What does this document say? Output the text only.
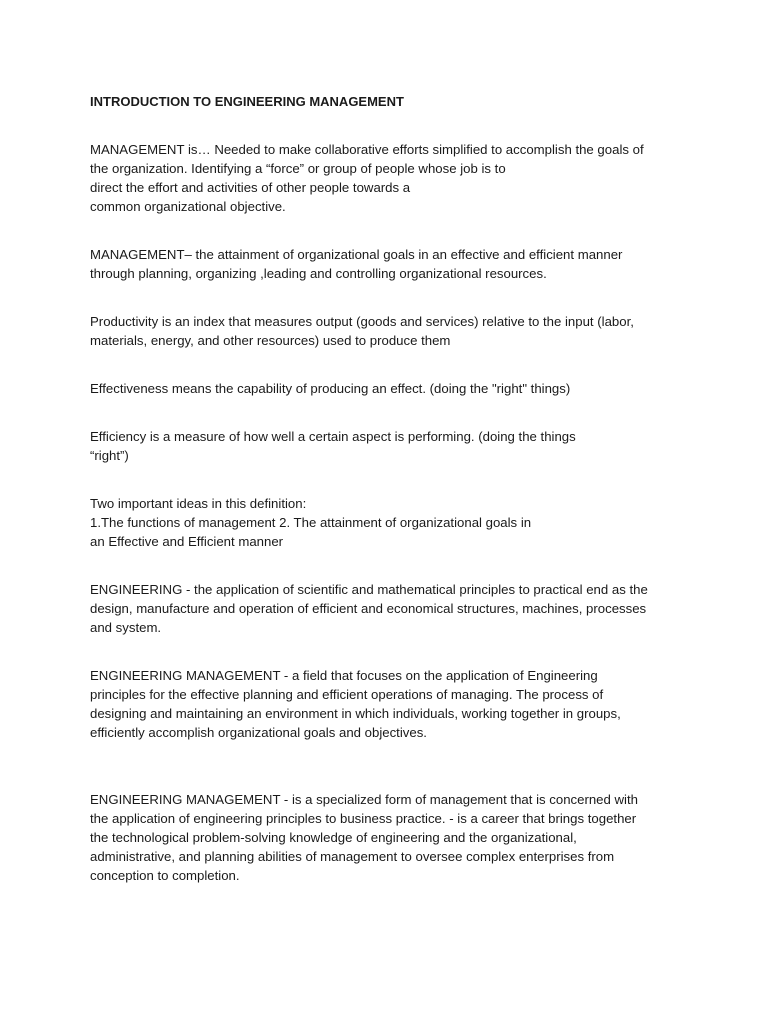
INTRODUCTION TO ENGINEERING MANAGEMENT

MANAGEMENT is… Needed to make collaborative efforts simplified to accomplish the goals of
the organization. Identifying a “force” or group of people whose job is to
direct the effort and activities of other people towards a
common organizational objective.

MANAGEMENT– the attainment of organizational goals in an effective and efficient manner
through planning, organizing ,leading and controlling organizational resources.

Productivity is an index that measures output (goods and services) relative to the input (labor,
materials, energy, and other resources) used to produce them

Effectiveness means the capability of producing an effect. (doing the "right" things)

Efficiency is a measure of how well a certain aspect is performing. (doing the things
“right”)

Two important ideas in this definition:
1.The functions of management 2. The attainment of organizational goals in
an Effective and Efficient manner

ENGINEERING - the application of scientific and mathematical principles to practical end as the
design, manufacture and operation of efficient and economical structures, machines, processes
and system.

ENGINEERING MANAGEMENT - a field that focuses on the application of Engineering
principles for the effective planning and efficient operations of managing. The process of
designing and maintaining an environment in which individuals, working together in groups,
efficiently accomplish organizational goals and objectives.

ENGINEERING MANAGEMENT - is a specialized form of management that is concerned with
the application of engineering principles to business practice. - is a career that brings together
the technological problem-solving knowledge of engineering and the organizational,
administrative, and planning abilities of management to oversee complex enterprises from
conception to completion.
